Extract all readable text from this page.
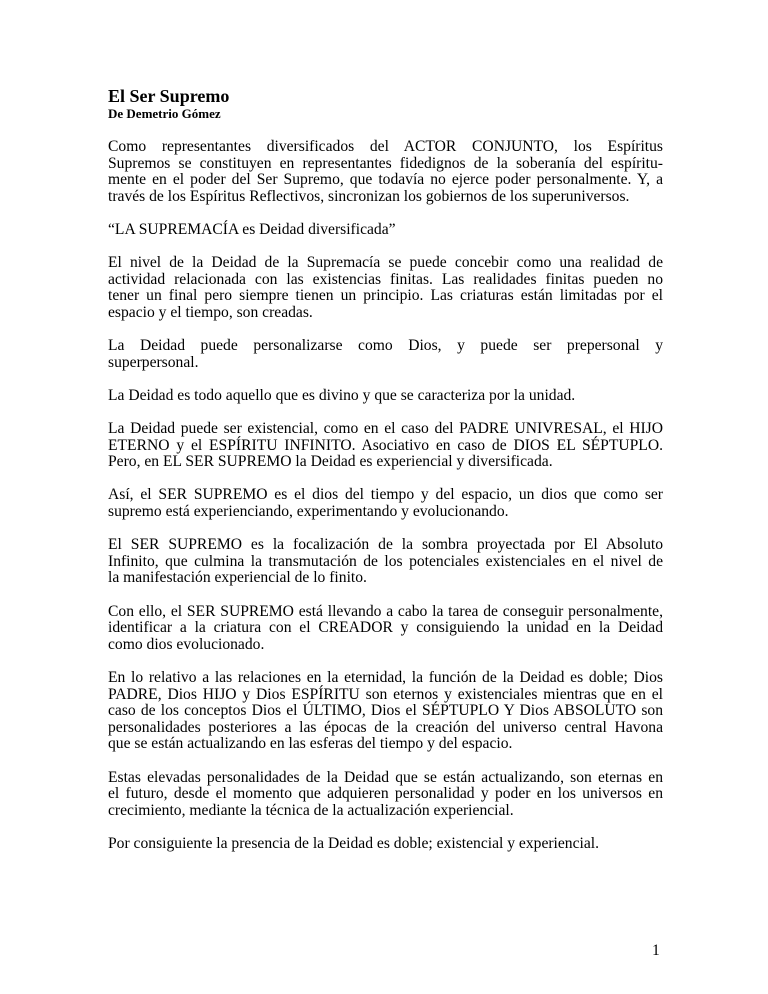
El Ser Supremo
De Demetrio Gómez
Como representantes diversificados del ACTOR CONJUNTO, los Espíritus
Supremos se constituyen en representantes fidedignos de la soberanía del espíritu-
mente en el poder del Ser Supremo, que todavía no ejerce poder personalmente. Y, a
través de los Espíritus Reflectivos, sincronizan los gobiernos de los superuniversos.
“LA SUPREMACÍA es Deidad diversificada”
El nivel de la Deidad de la Supremacía se puede concebir como una realidad de
actividad relacionada con las existencias finitas. Las realidades finitas pueden no
tener un final pero siempre tienen un principio. Las criaturas están limitadas por el
espacio y el tiempo, son creadas.
La Deidad puede personalizarse como Dios, y puede ser prepersonal y
superpersonal.
La Deidad es todo aquello que es divino y que se caracteriza por la unidad.
La Deidad puede ser existencial, como en el caso del PADRE UNIVRESAL, el HIJO
ETERNO y el ESPÍRITU INFINITO. Asociativo en caso de DIOS EL SÉPTUPLO.
Pero, en EL SER SUPREMO la Deidad es experiencial y diversificada.
Así, el SER SUPREMO es el dios del tiempo y del espacio, un dios que como ser
supremo está experienciando, experimentando y evolucionando.
El SER SUPREMO es la focalización de la sombra proyectada por El Absoluto
Infinito, que culmina la transmutación de los potenciales existenciales en el nivel de
la manifestación experiencial de lo finito.
Con ello, el SER SUPREMO está llevando a cabo la tarea de conseguir personalmente,
identificar a la criatura con el CREADOR y consiguiendo la unidad en la Deidad
como dios evolucionado.
En lo relativo a las relaciones en la eternidad, la función de la Deidad es doble; Dios
PADRE, Dios HIJO y Dios ESPÍRITU son eternos y existenciales mientras que en el
caso de los conceptos Dios el ÚLTIMO, Dios el SÉPTUPLO Y Dios ABSOLUTO son
personalidades posteriores a las épocas de la creación del universo central Havona
que se están actualizando en las esferas del tiempo y del espacio.
Estas elevadas personalidades de la Deidad que se están actualizando, son eternas en
el futuro, desde el momento que adquieren personalidad y poder en los universos en
crecimiento, mediante la técnica de la actualización experiencial.
Por consiguiente la presencia de la Deidad es doble; existencial y experiencial.
1
